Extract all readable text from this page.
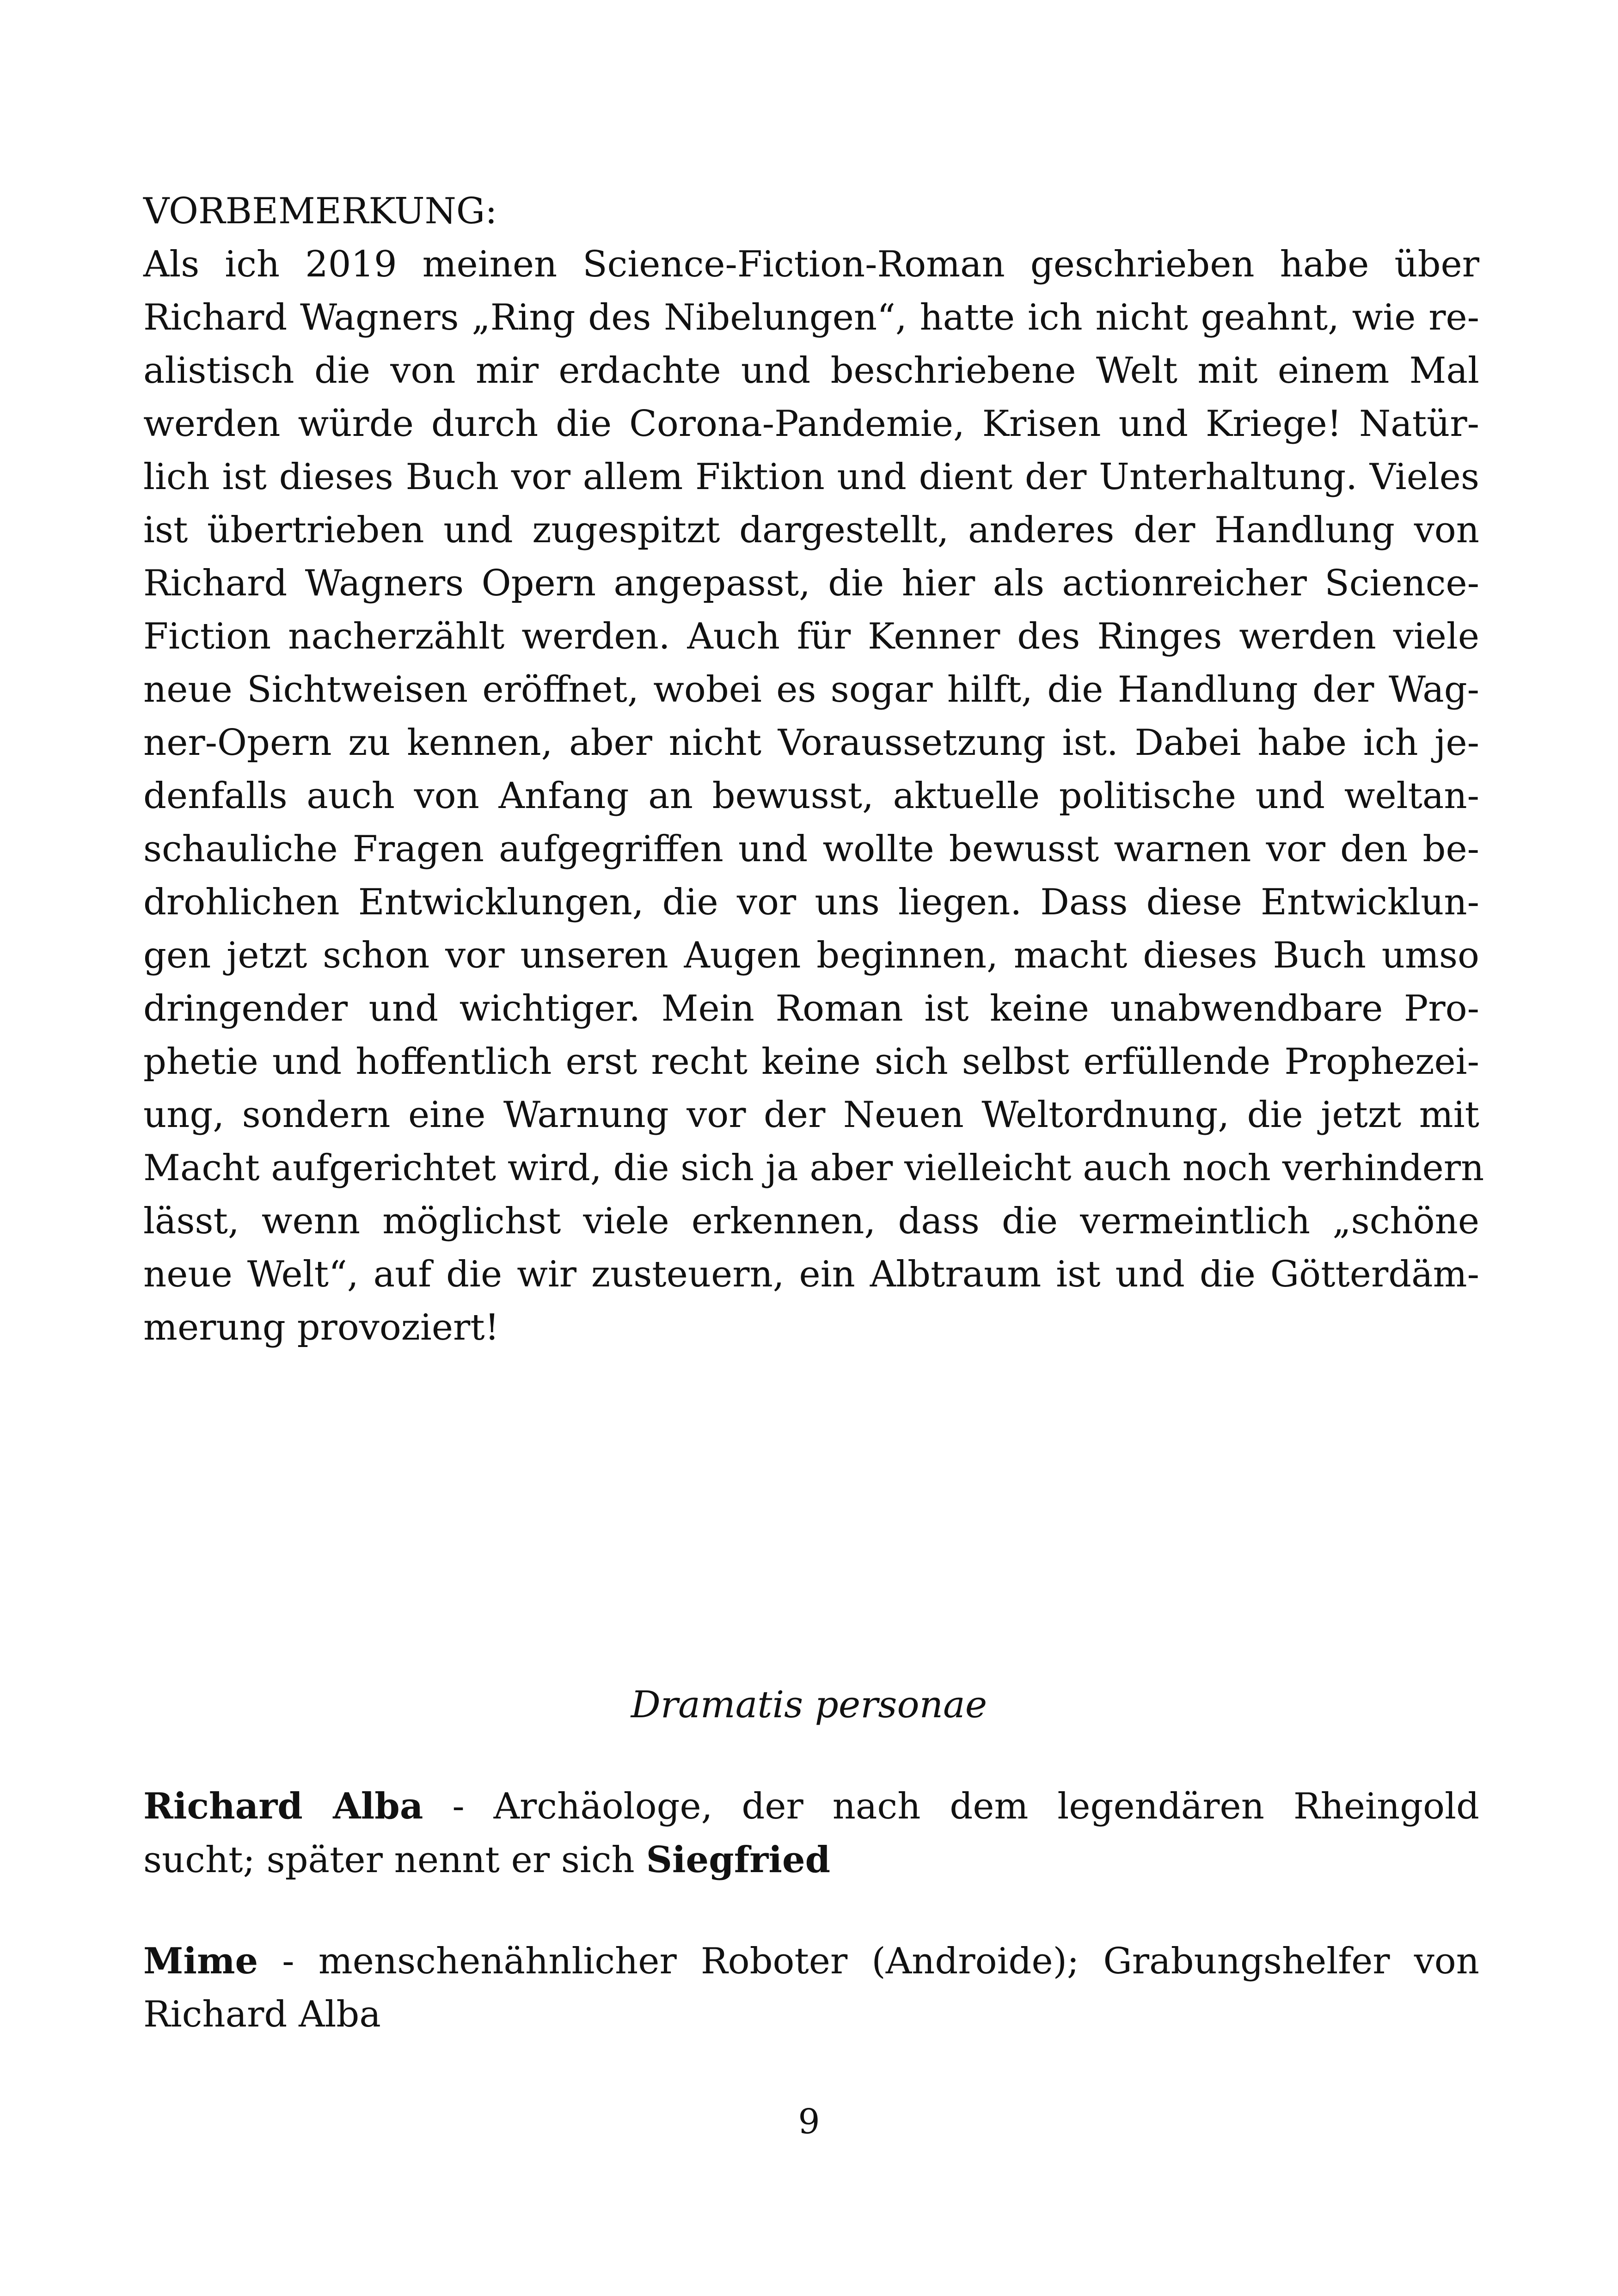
VORBEMERKUNG:
Als ich 2019 meinen Science-Fiction-Roman geschrieben habe über
Richard Wagners „Ring des Nibelungen“, hatte ich nicht geahnt, wie re-
alistisch die von mir erdachte und beschriebene Welt mit einem Mal
werden würde durch die Corona-Pandemie, Krisen und Kriege! Natür-
lich ist dieses Buch vor allem Fiktion und dient der Unterhaltung. Vieles
ist übertrieben und zugespitzt dargestellt, anderes der Handlung von
Richard Wagners Opern angepasst, die hier als actionreicher Science-
Fiction nacherzählt werden. Auch für Kenner des Ringes werden viele
neue Sichtweisen eröffnet, wobei es sogar hilft, die Handlung der Wag-
ner-Opern zu kennen, aber nicht Voraussetzung ist. Dabei habe ich je-
denfalls auch von Anfang an bewusst, aktuelle politische und weltan-
schauliche Fragen aufgegriffen und wollte bewusst warnen vor den be-
drohlichen Entwicklungen, die vor uns liegen. Dass diese Entwicklun-
gen jetzt schon vor unseren Augen beginnen, macht dieses Buch umso
dringender und wichtiger. Mein Roman ist keine unabwendbare Pro-
phetie und hoffentlich erst recht keine sich selbst erfüllende Prophezei-
ung, sondern eine Warnung vor der Neuen Weltordnung, die jetzt mit
Macht aufgerichtet wird, die sich ja aber vielleicht auch noch verhindern
lässt, wenn möglichst viele erkennen, dass die vermeintlich „schöne
neue Welt“, auf die wir zusteuern, ein Albtraum ist und die Götterdäm-
merung provoziert!
Dramatis personae
Richard Alba - Archäologe, der nach dem legendären Rheingold
sucht; später nennt er sich Siegfried
Mime - menschenähnlicher Roboter (Androide); Grabungshelfer von
Richard Alba
9
